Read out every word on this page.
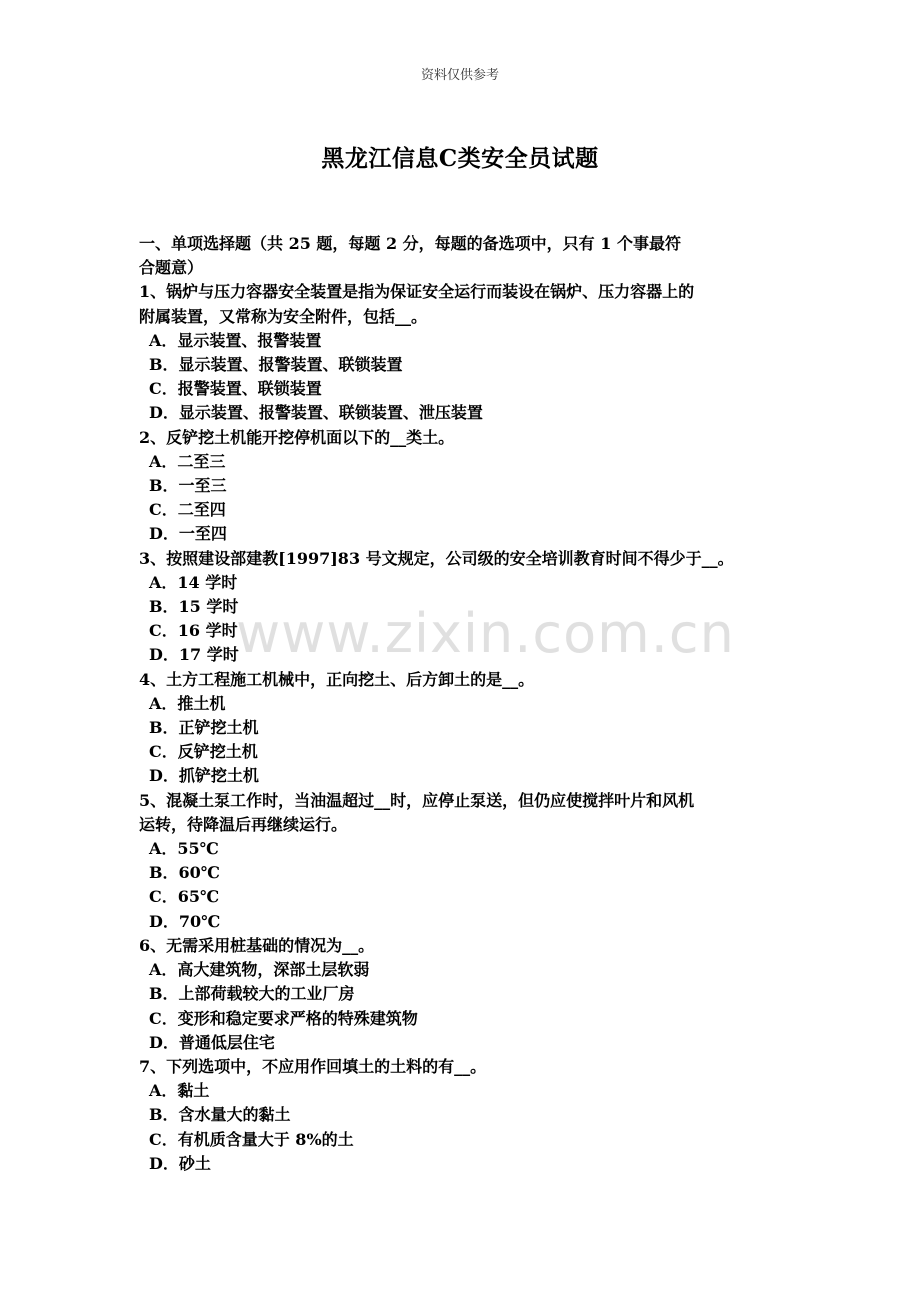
资料仅供参考
黑龙江信息C类安全员试题
www.zixin.com.cn

一、单项选择题（共 25 题，每题 2 分，每题的备选项中，只有 1 个事最符

合题意）

1、锅炉与压力容器安全装置是指为保证安全运行而装设在锅炉、压力容器上的

附属装置，又常称为安全附件，包括__。

A．显示装置、报警装置

B．显示装置、报警装置、联锁装置

C．报警装置、联锁装置

D．显示装置、报警装置、联锁装置、泄压装置

2、反铲挖土机能开挖停机面以下的__类土。

A．二至三

B．一至三

C．二至四

D．一至四

3、按照建设部建教[1997]83 号文规定，公司级的安全培训教育时间不得少于__。

A．14 学时

B．15 学时

C．16 学时

D．17 学时

4、土方工程施工机械中，正向挖土、后方卸土的是__。

A．推土机

B．正铲挖土机

C．反铲挖土机

D．抓铲挖土机

5、混凝土泵工作时，当油温超过__时，应停止泵送，但仍应使搅拌叶片和风机

运转，待降温后再继续运行。

A．55℃

B．60℃

C．65℃

D．70℃

6、无需采用桩基础的情况为__。

A．高大建筑物，深部土层软弱

B．上部荷载较大的工业厂房

C．变形和稳定要求严格的特殊建筑物

D．普通低层住宅

7、下列选项中，不应用作回填土的土料的有__。

A．黏土

B．含水量大的黏土

C．有机质含量大于 8%的土

D．砂土
